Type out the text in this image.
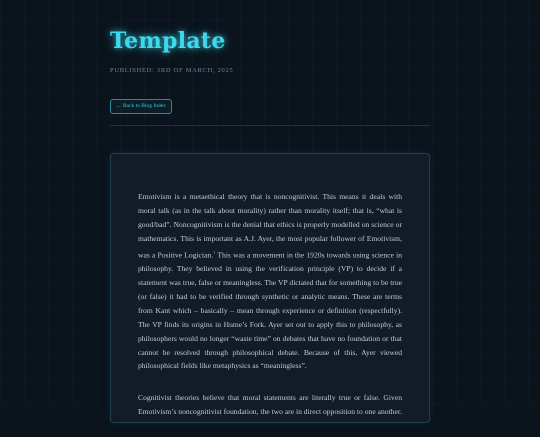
Template
PUBLISHED: 3RD OF MARCH, 2025
← Back to Blog Index

Emotivism is a metaethical theory that is noncognitivist. This means it deals with moral talk (as in the talk about morality) rather than morality itself; that is, “what is good/bad”. Noncognitivism is the denial that ethics is properly modelled on science or mathematics. This is important as A.J. Ayer, the most popular follower of Emotivism, was a Positive Logician.$^1$ This was a movement in the 1920s towards using science in philosophy. They believed in using the verification principle (VP) to decide if a statement was true, false or meaningless. The VP dictated that for something to be true (or false) it had to be verified through synthetic or analytic means. These are terms from Kant which – basically – mean through experience or definition (respectfully). The VP finds its origins in Hume’s Fork. Ayer set out to apply this to philosophy, as philosophers would no longer “waste time” on debates that have no foundation or that cannot be resolved through philosophical debate. Because of this, Ayer viewed philosophical fields like metaphysics as “meaningless”.

Cognitivist theories believe that moral statements are literally true or false. Given Emotivism’s noncognitivist foundation, the two are in direct opposition to one another.
